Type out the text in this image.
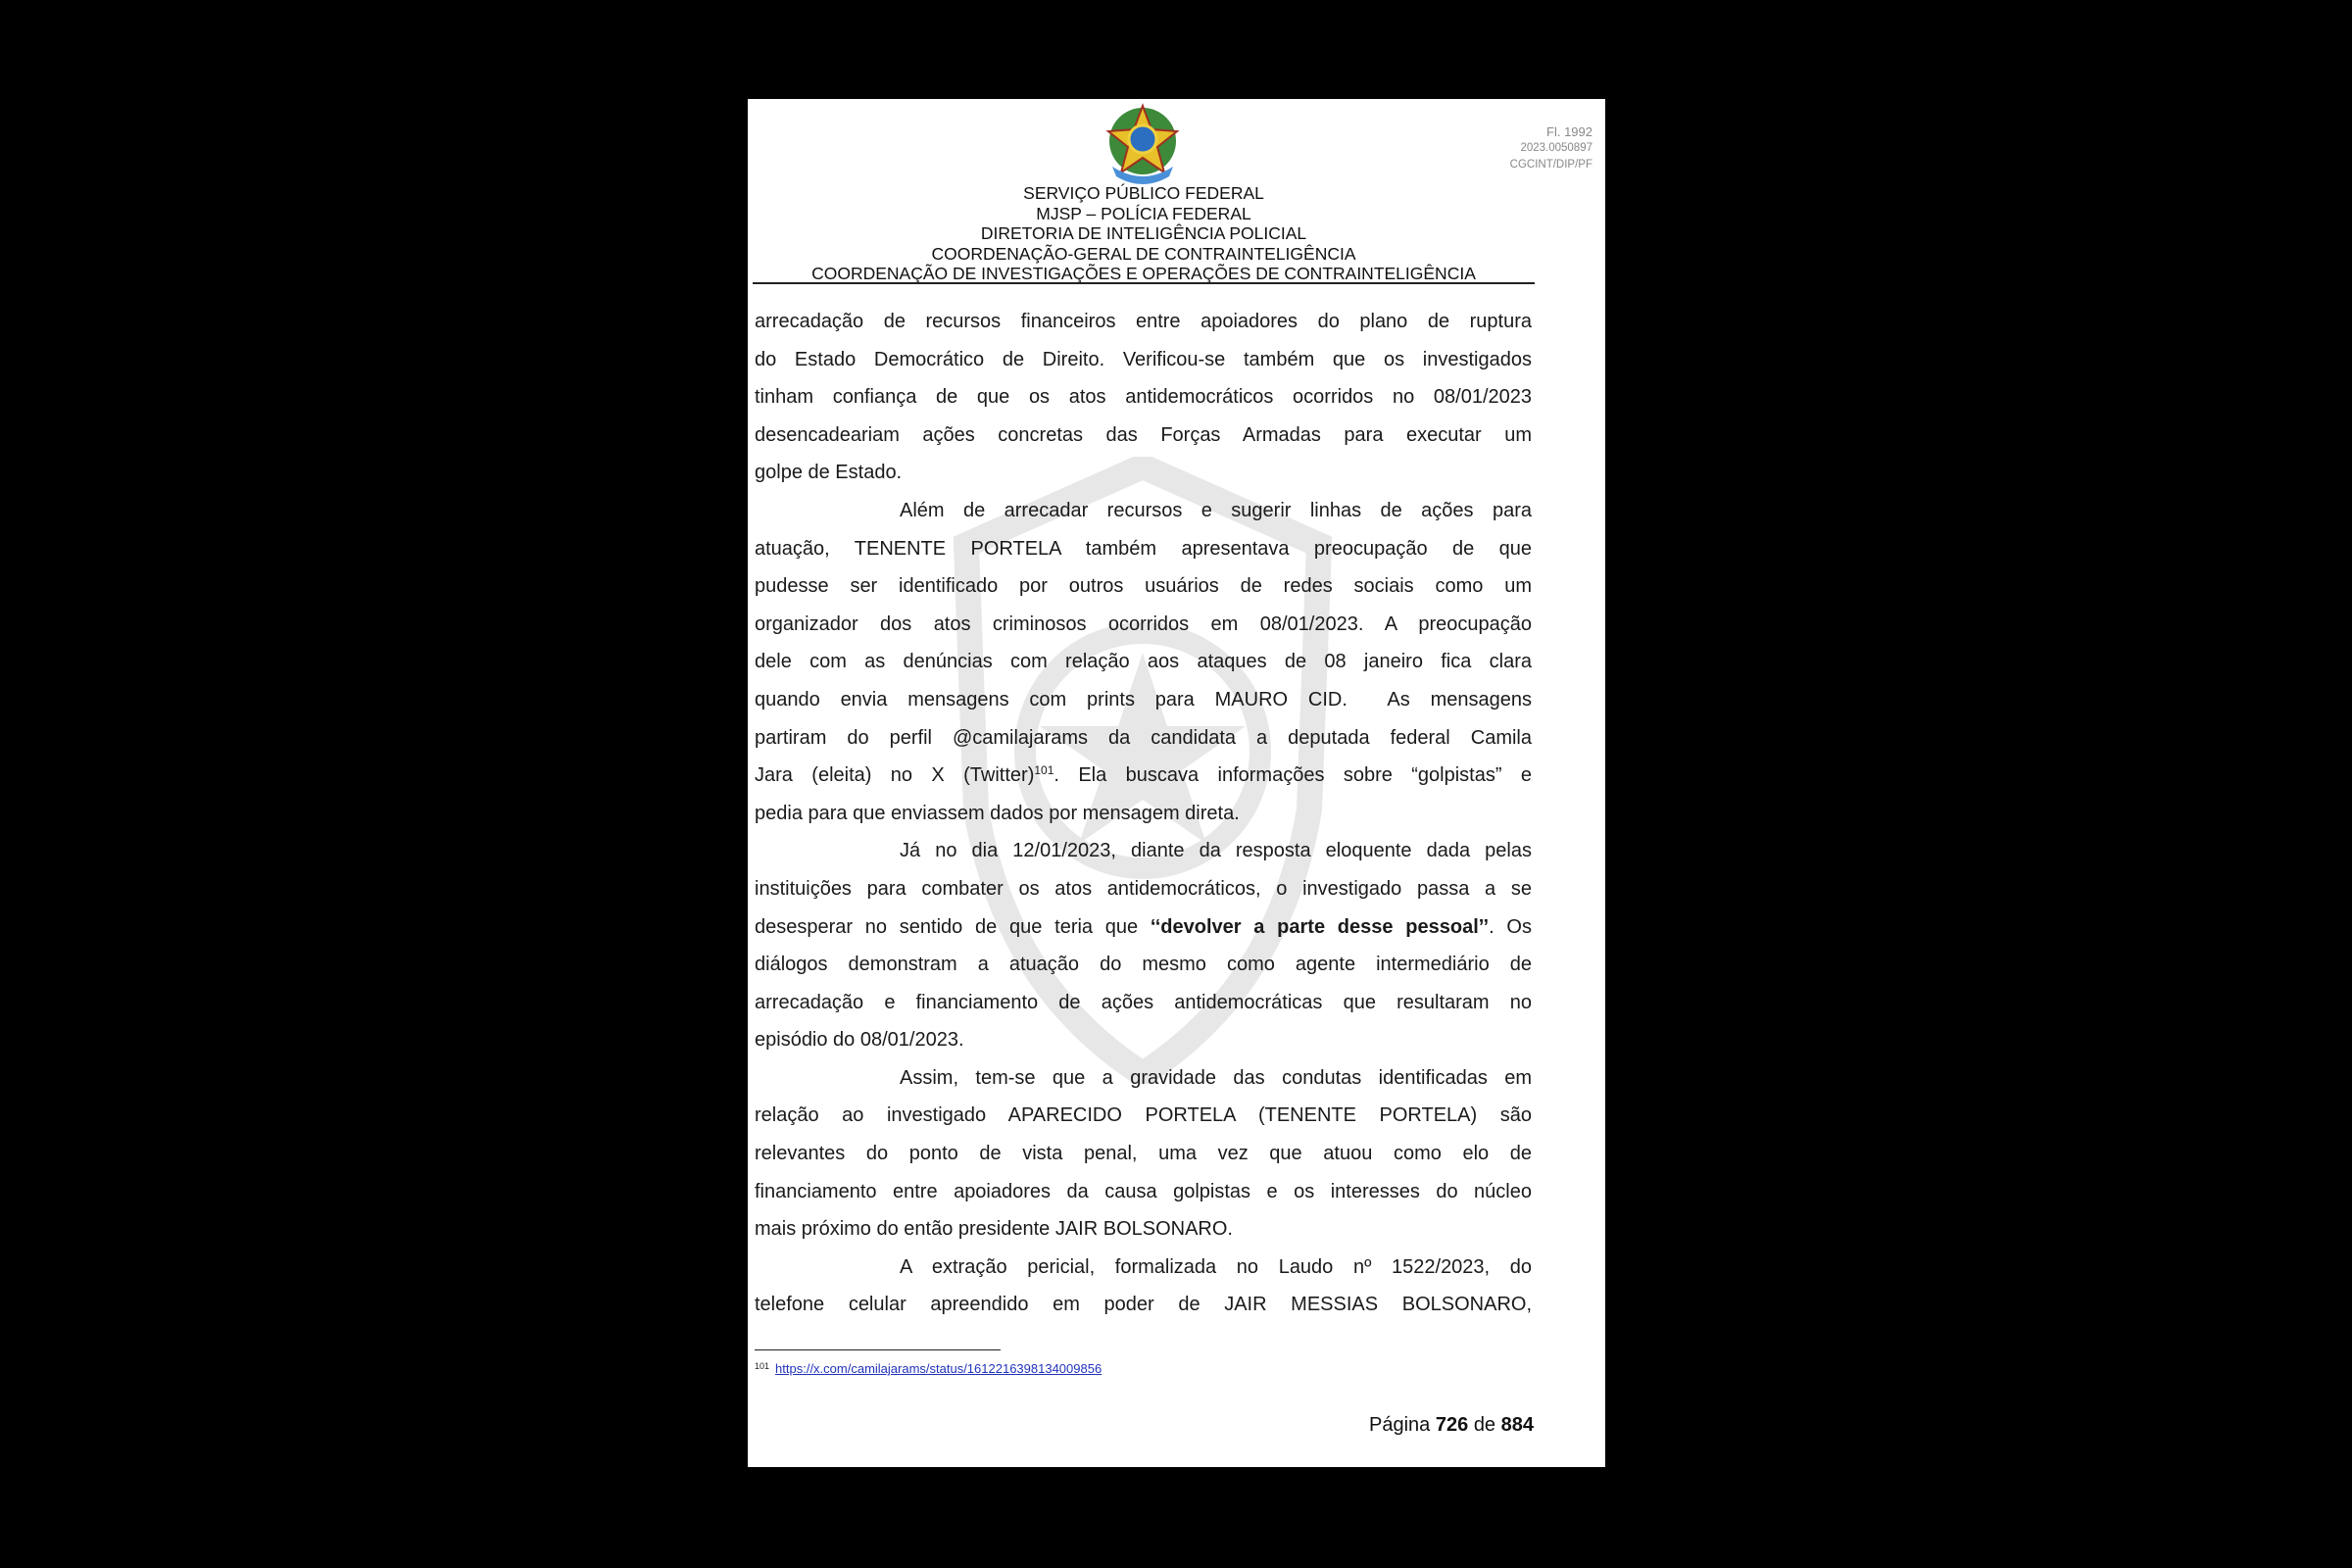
Fl. 1992
2023.0050897
CGCINT/DIP/PF
SERVIÇO PÚBLICO FEDERAL
MJSP – POLÍCIA FEDERAL
DIRETORIA DE INTELIGÊNCIA POLICIAL
COORDENAÇÃO-GERAL DE CONTRAINTELIGÊNCIA
COORDENAÇÃO DE INVESTIGAÇÕES E OPERAÇÕES DE CONTRAINTELIGÊNCIA
arrecadação de recursos financeiros entre apoiadores do plano de ruptura
do Estado Democrático de Direito. Verificou-se também que os investigados
tinham confiança de que os atos antidemocráticos ocorridos no 08/01/2023
desencadeariam ações concretas das Forças Armadas para executar um
golpe de Estado.
Além de arrecadar recursos e sugerir linhas de ações para
atuação, TENENTE PORTELA também apresentava preocupação de que
pudesse ser identificado por outros usuários de redes sociais como um
organizador dos atos criminosos ocorridos em 08/01/2023. A preocupação
dele com as denúncias com relação aos ataques de 08 janeiro fica clara
quando envia mensagens com prints para MAURO CID.  As mensagens
partiram do perfil @camilajarams da candidata a deputada federal Camila
Jara (eleita) no X (Twitter)$^{101}$. Ela buscava informações sobre “golpistas” e
pedia para que enviassem dados por mensagem direta.
Já no dia 12/01/2023, diante da resposta eloquente dada pelas
instituições para combater os atos antidemocráticos, o investigado passa a se
desesperar no sentido de que teria que ‘‘devolver a parte desse pessoal’’. Os
diálogos demonstram a atuação do mesmo como agente intermediário de
arrecadação e financiamento de ações antidemocráticas que resultaram no
episódio do 08/01/2023.
Assim, tem-se que a gravidade das condutas identificadas em
relação ao investigado APARECIDO PORTELA (TENENTE PORTELA) são
relevantes do ponto de vista penal, uma vez que atuou como elo de
financiamento entre apoiadores da causa golpistas e os interesses do núcleo
mais próximo do então presidente JAIR BOLSONARO.
A extração pericial, formalizada no Laudo nº 1522/2023, do
telefone celular apreendido em poder de JAIR MESSIAS BOLSONARO,
$^{101}$ https://x.com/camilajarams/status/1612216398134009856
Página 726 de 884
